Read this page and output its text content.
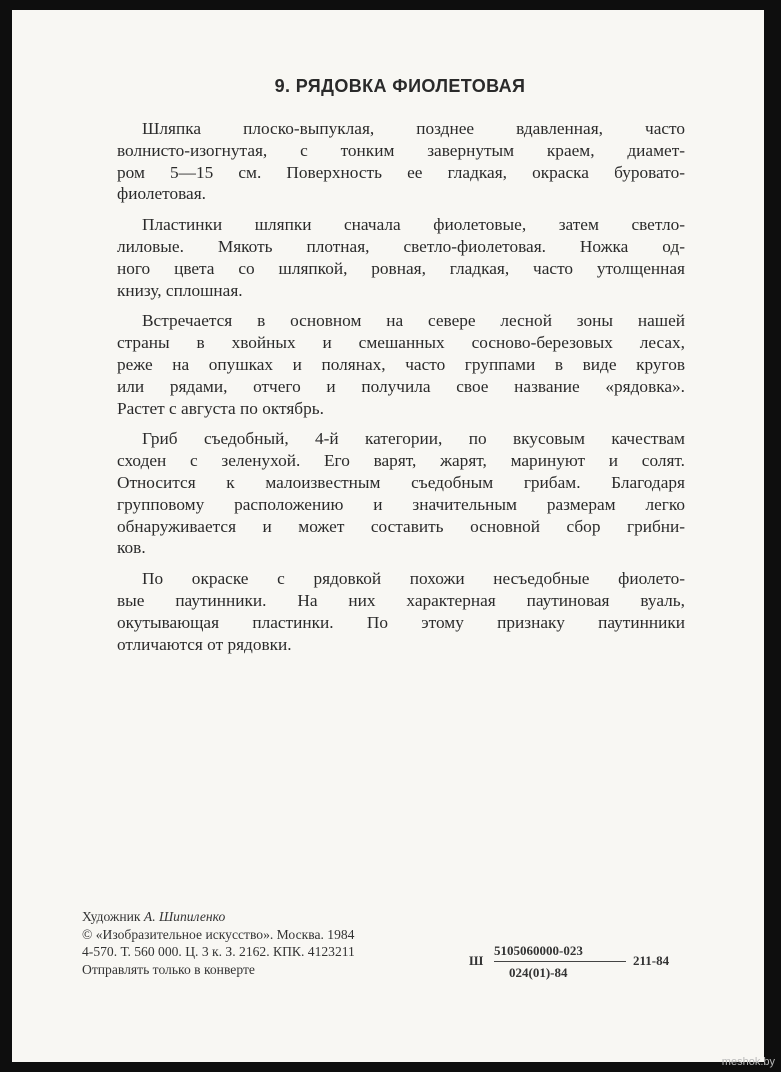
9. РЯДОВКА ФИОЛЕТОВАЯ
Шляпка плоско-выпуклая, позднее вдавленная, часто
волнисто-изогнутая, с тонким завернутым краем, диамет-
ром 5—15 см. Поверхность ее гладкая, окраска буровато-
фиолетовая.
Пластинки шляпки сначала фиолетовые, затем светло-
лиловые. Мякоть плотная, светло-фиолетовая. Ножка од-
ного цвета со шляпкой, ровная, гладкая, часто утолщенная
книзу, сплошная.
Встречается в основном на севере лесной зоны нашей
страны в хвойных и смешанных сосново-березовых лесах,
реже на опушках и полянах, часто группами в виде кругов
или рядами, отчего и получила свое название «рядовка».
Растет с августа по октябрь.
Гриб съедобный, 4-й категории, по вкусовым качествам
сходен с зеленухой. Его варят, жарят, маринуют и солят.
Относится к малоизвестным съедобным грибам. Благодаря
групповому расположению и значительным размерам легко
обнаруживается и может составить основной сбор грибни-
ков.
По окраске с рядовкой похожи несъедобные фиолето-
вые паутинники. На них характерная паутиновая вуаль,
окутывающая пластинки. По этому признаку паутинники
отличаются от рядовки.
Художник А. Шипиленко
© «Изобразительное искусство». Москва. 1984
4-570. Т. 560 000. Ц. 3 к. З. 2162. КПК. 4123211
Отправлять только в конверте
Ш
5105060000-023
024(01)-84
211-84
meshok.by
